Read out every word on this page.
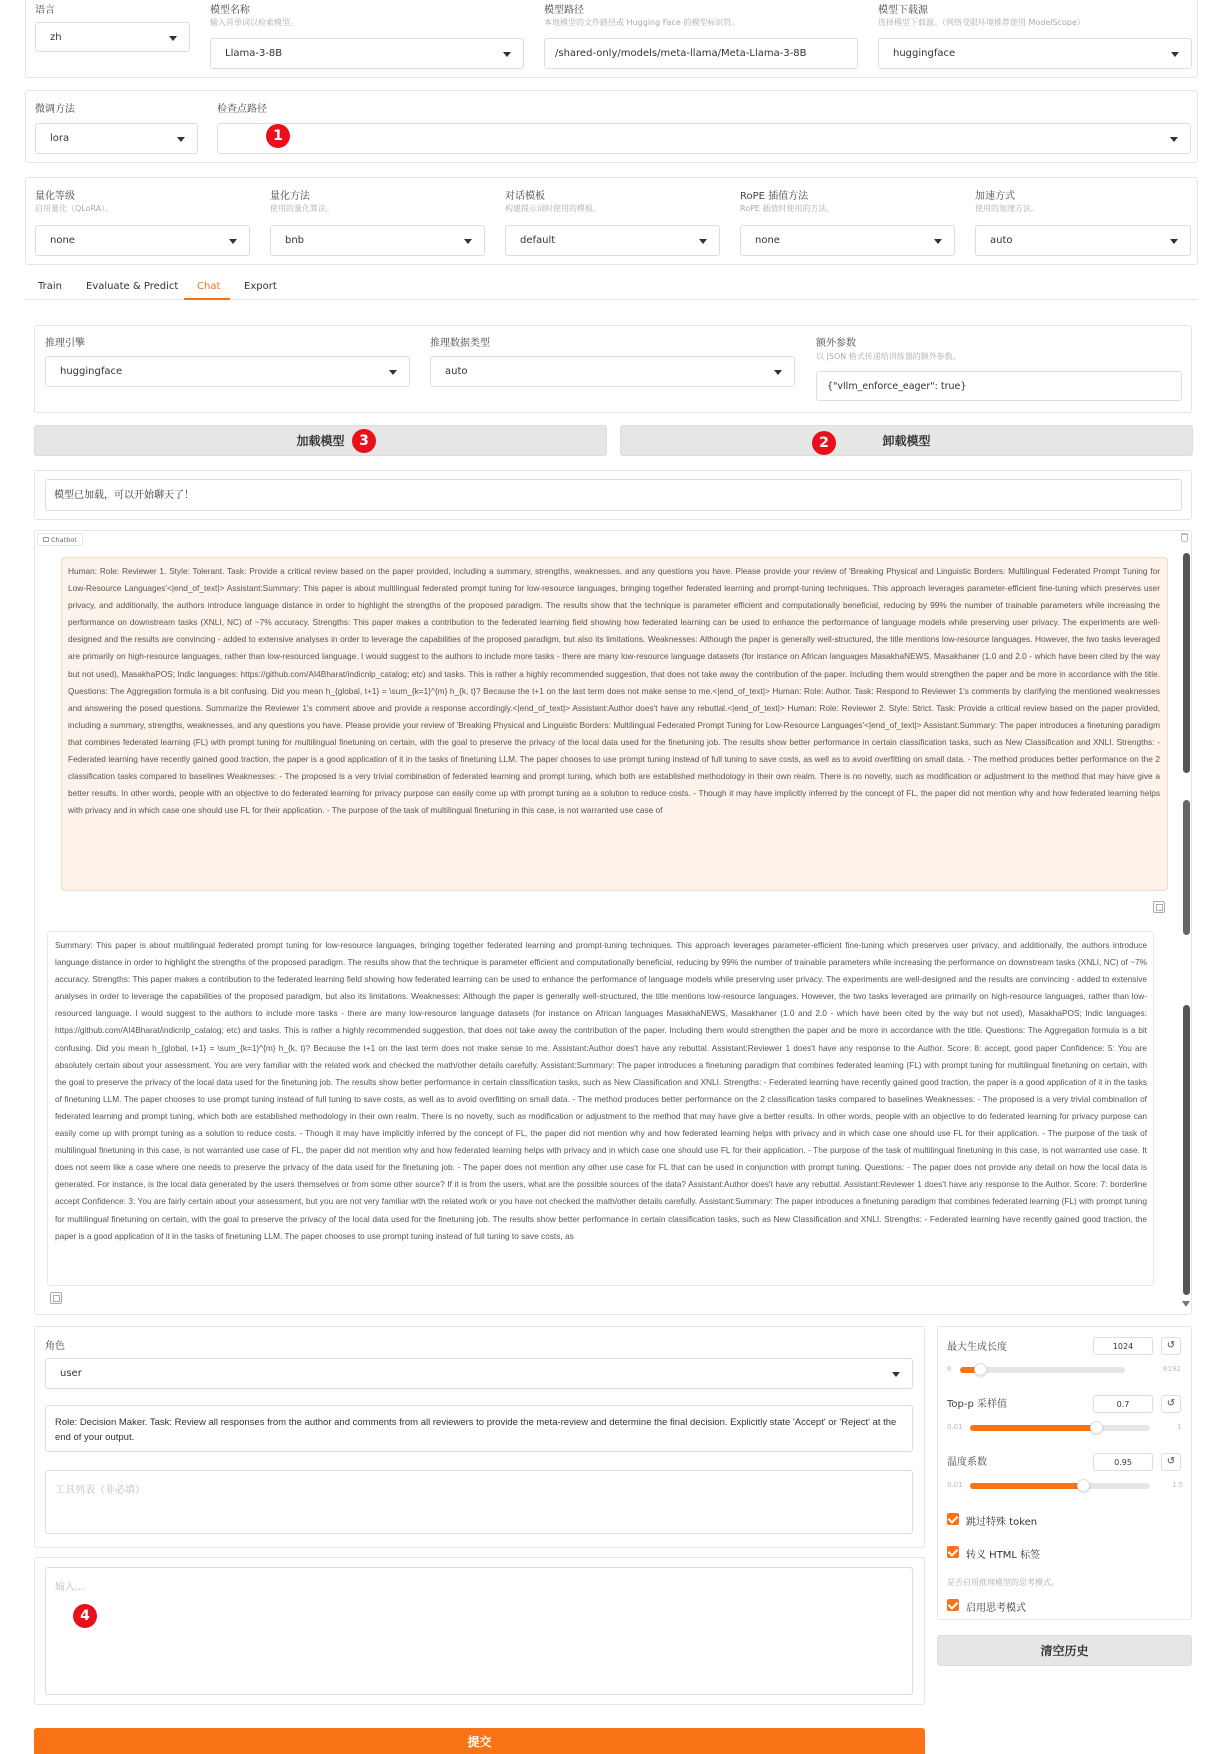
语言
zh
模型名称
输入首单词以检索模型。
Llama-3-8B
模型路径
本地模型的文件路径或 Hugging Face 的模型标识符。
/shared-only/models/meta-llama/Meta-Llama-3-8B
模型下载源
选择模型下载源。（网络受限环境推荐使用 ModelScope）
huggingface
微调方法
lora
检查点路径
1
量化等级
启用量化（QLoRA）。
none
量化方法
使用的量化算法。
bnb
对话模板
构建提示词时使用的模板。
default
RoPE 插值方法
RoPE 插值时使用的方法。
none
加速方式
使用的加速方法。
auto
Train Evaluate & Predict Chat Export
推理引擎
huggingface
推理数据类型
auto
额外参数
以 JSON 格式传递给训练器的额外参数。
{"vllm_enforce_eager": true}
加载模型	3	卸载模型
2
模型已加载，可以开始聊天了！
Chatbot
Human: Role: Reviewer 1. Style: Tolerant. Task: Provide a critical review based on the paper provided, including a summary, strengths, weaknesses, and any questions you have. Please provide your review of 'Breaking Physical and Linguistic Borders: Multilingual Federated Prompt Tuning for Low-Resource Languages'<|end_of_text|> Assistant:Summary: This paper is about multilingual federated prompt tuning for low-resource languages, bringing together federated learning and prompt-tuning techniques. This approach leverages parameter-efficient fine-tuning which preserves user privacy, and additionally, the authors introduce language distance in order to highlight the strengths of the proposed paradigm. The results show that the technique is parameter efficient and computationally beneficial, reducing by 99% the number of trainable parameters while increasing the performance on downstream tasks (XNLI, NC) of ~7% accuracy. Strengths: This paper makes a contribution to the federated learning field showing how federated learning can be used to enhance the performance of language models while preserving user privacy. The experiments are well-designed and the results are convincing - added to extensive analyses in order to leverage the capabilities of the proposed paradigm, but also its limitations. Weaknesses: Although the paper is generally well-structured, the title mentions low-resource languages. However, the two tasks leveraged are primarily on high-resource languages, rather than low-resourced language. I would suggest to the authors to include more tasks - there are many low-resource language datasets (for instance on African languages MasakhaNEWS, Masakhaner (1.0 and 2.0 - which have been cited by the way but not used), MasakhaPOS; Indic languages: https://github.com/AI4Bharat/indicnlp_catalog; etc) and tasks. This is rather a highly recommended suggestion, that does not take away the contribution of the paper. Including them would strengthen the paper and be more in accordance with the title. Questions: The Aggregation formula is a bit confusing. Did you mean h_{global, t+1} = \sum_{k=1}^{m} h_{k, t}? Because the t+1 on the last term does not make sense to me.<|end_of_text|> Human: Role: Author. Task: Respond to Reviewer 1's comments by clarifying the mentioned weaknesses and answering the posed questions. Summarize the Reviewer 1's comment above and provide a response accordingly.<|end_of_text|> Assistant:Author does't have any rebuttal.<|end_of_text|> Human: Role: Reviewer 2. Style: Strict. Task: Provide a critical review based on the paper provided, including a summary, strengths, weaknesses, and any questions you have. Please provide your review of 'Breaking Physical and Linguistic Borders: Multilingual Federated Prompt Tuning for Low-Resource Languages'<|end_of_text|> Assistant:Summary: The paper introduces a finetuning paradigm that combines federated learning (FL) with prompt tuning for multilingual finetuning on certain, with the goal to preserve the privacy of the local data used for the finetuning job. The results show better performance in certain classification tasks, such as New Classification and XNLI. Strengths: - Federated learning have recently gained good traction, the paper is a good application of it in the tasks of finetuning LLM. The paper chooses to use prompt tuning instead of full tuning to save costs, as well as to avoid overfitting on small data. - The method produces better performance on the 2 classification tasks compared to baselines Weaknesses: - The proposed is a very trivial combination of federated learning and prompt tuning, which both are established methodology in their own realm. There is no novelty, such as modification or adjustment to the method that may have give a better results. In other words, people with an objective to do federated learning for privacy purpose can easily come up with prompt tuning as a solution to reduce costs. - Though it may have implicitly inferred by the concept of FL, the paper did not mention why and how federated learning helps with privacy and in which case one should use FL for their application. - The purpose of the task of multilingual finetuning in this case, is not warranted use case of
Summary: This paper is about multilingual federated prompt tuning for low-resource languages, bringing together federated learning and prompt-tuning techniques. This approach leverages parameter-efficient fine-tuning which preserves user privacy, and additionally, the authors introduce language distance in order to highlight the strengths of the proposed paradigm. The results show that the technique is parameter efficient and computationally beneficial, reducing by 99% the number of trainable parameters while increasing the performance on downstream tasks (XNLI, NC) of ~7% accuracy. Strengths: This paper makes a contribution to the federated learning field showing how federated learning can be used to enhance the performance of language models while preserving user privacy. The experiments are well-designed and the results are convincing - added to extensive analyses in order to leverage the capabilities of the proposed paradigm, but also its limitations. Weaknesses: Although the paper is generally well-structured, the title mentions low-resource languages. However, the two tasks leveraged are primarily on high-resource languages, rather than low-resourced language. I would suggest to the authors to include more tasks - there are many low-resource language datasets (for instance on African languages MasakhaNEWS, Masakhaner (1.0 and 2.0 - which have been cited by the way but not used), MasakhaPOS; Indic languages: https://github.com/AI4Bharat/indicnlp_catalog; etc) and tasks. This is rather a highly recommended suggestion, that does not take away the contribution of the paper. Including them would strengthen the paper and be more in accordance with the title. Questions: The Aggregation formula is a bit confusing. Did you mean h_{global, t+1} = \sum_{k=1}^{m} h_{k, t}? Because the t+1 on the last term does not make sense to me. Assistant:Author does't have any rebuttal. Assistant:Reviewer 1 does't have any response to the Author. Score: 8: accept, good paper Confidence: 5: You are absolutely certain about your assessment. You are very familiar with the related work and checked the math/other details carefully. Assistant:Summary: The paper introduces a finetuning paradigm that combines federated learning (FL) with prompt tuning for multilingual finetuning on certain, with the goal to preserve the privacy of the local data used for the finetuning job. The results show better performance in certain classification tasks, such as New Classification and XNLI. Strengths: - Federated learning have recently gained good traction, the paper is a good application of it in the tasks of finetuning LLM. The paper chooses to use prompt tuning instead of full tuning to save costs, as well as to avoid overfitting on small data. - The method produces better performance on the 2 classification tasks compared to baselines Weaknesses: - The proposed is a very trivial combination of federated learning and prompt tuning, which both are established methodology in their own realm. There is no novelty, such as modification or adjustment to the method that may have give a better results. In other words, people with an objective to do federated learning for privacy purpose can easily come up with prompt tuning as a solution to reduce costs. - Though it may have implicitly inferred by the concept of FL, the paper did not mention why and how federated learning helps with privacy and in which case one should use FL for their application. - The purpose of the task of multilingual finetuning in this case, is not warranted use case of FL, the paper did not mention why and how federated learning helps with privacy and in which case one should use FL for their application. - The purpose of the task of multilingual finetuning in this case, is not warranted use case. It does not seem like a case where one needs to preserve the privacy of the data used for the finetuning job. - The paper does not mention any other use case for FL that can be used in conjunction with prompt tuning. Questions: - The paper does not provide any detail on how the local data is generated. For instance, is the local data generated by the users themselves or from some other source? If it is from the users, what are the possible sources of the data? Assistant:Author does't have any rebuttal. Assistant:Reviewer 1 does't have any response to the Author. Score: 7: borderline accept Confidence: 3: You are fairly certain about your assessment, but you are not very familiar with the related work or you have not checked the math/other details carefully. Assistant:Summary: The paper introduces a finetuning paradigm that combines federated learning (FL) with prompt tuning for multilingual finetuning on certain, with the goal to preserve the privacy of the local data used for the finetuning job. The results show better performance in certain classification tasks, such as New Classification and XNLI. Strengths: - Federated learning have recently gained good traction, the paper is a good application of it in the tasks of finetuning LLM. The paper chooses to use prompt tuning instead of full tuning to save costs, as
角色
user
Role: Decision Maker. Task: Review all responses from the author and comments from all reviewers to provide the meta-review and determine the final decision. Explicitly state 'Accept' or 'Reject' at the end of your output.
工具列表（非必填）
输入...
4
提交
最大生成长度	1024	↺
8	8192
Top-p 采样值	0.7	↺
0.01	1
温度系数	0.95	↺
0.01	1.5
跳过特殊 token
转义 HTML 标签
是否启用推理模型的思考模式。
启用思考模式
清空历史
